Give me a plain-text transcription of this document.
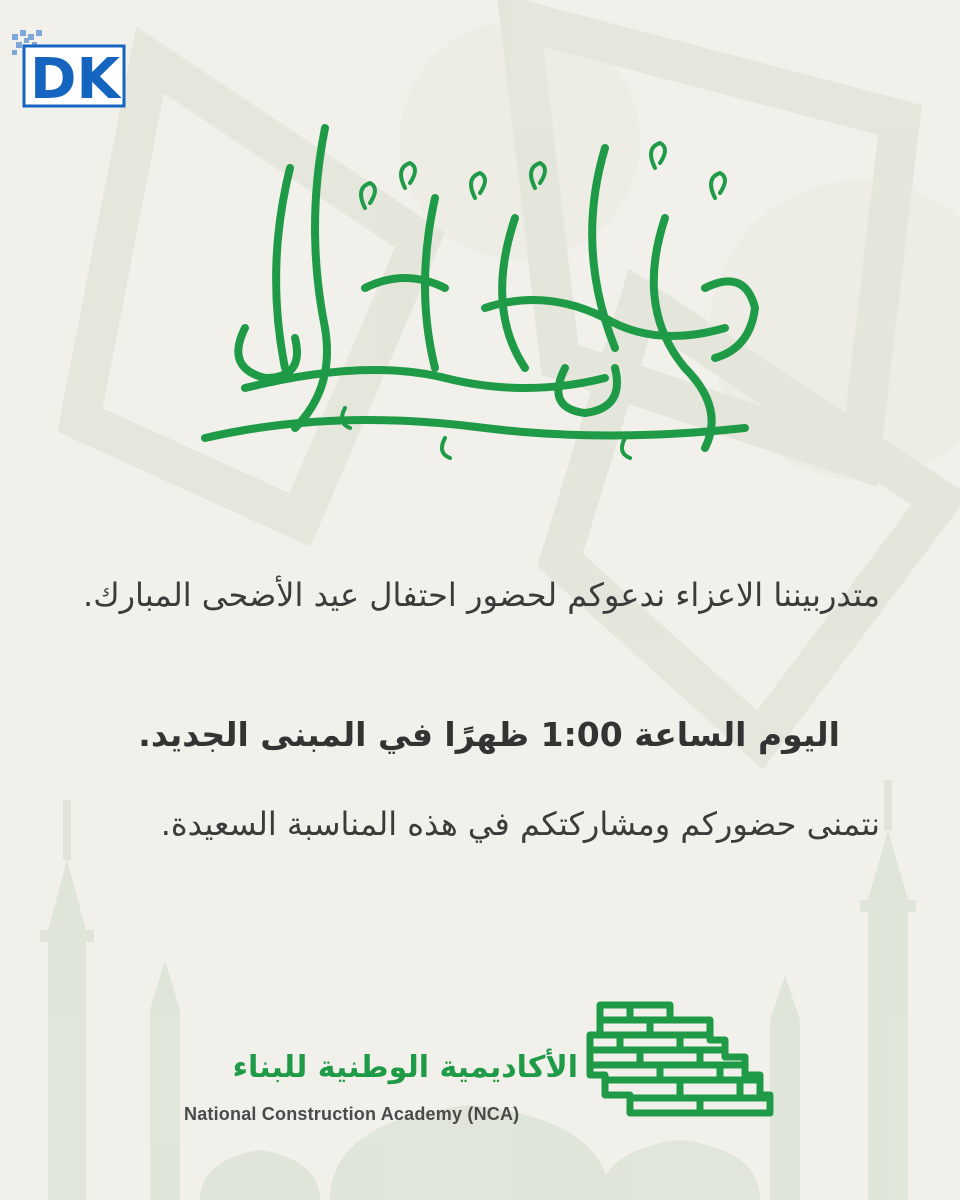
DK
عيد أضحى مبارك

متدربيننا الاعزاء ندعوكم لحضور احتفال عيد الأضحى المبارك.

اليوم الساعة 1:00 ظهرًا في المبنى الجديد.

نتمنى حضوركم ومشاركتكم في هذه المناسبة السعيدة.

الأكاديمية الوطنية للبناء

National Construction Academy (NCA)
